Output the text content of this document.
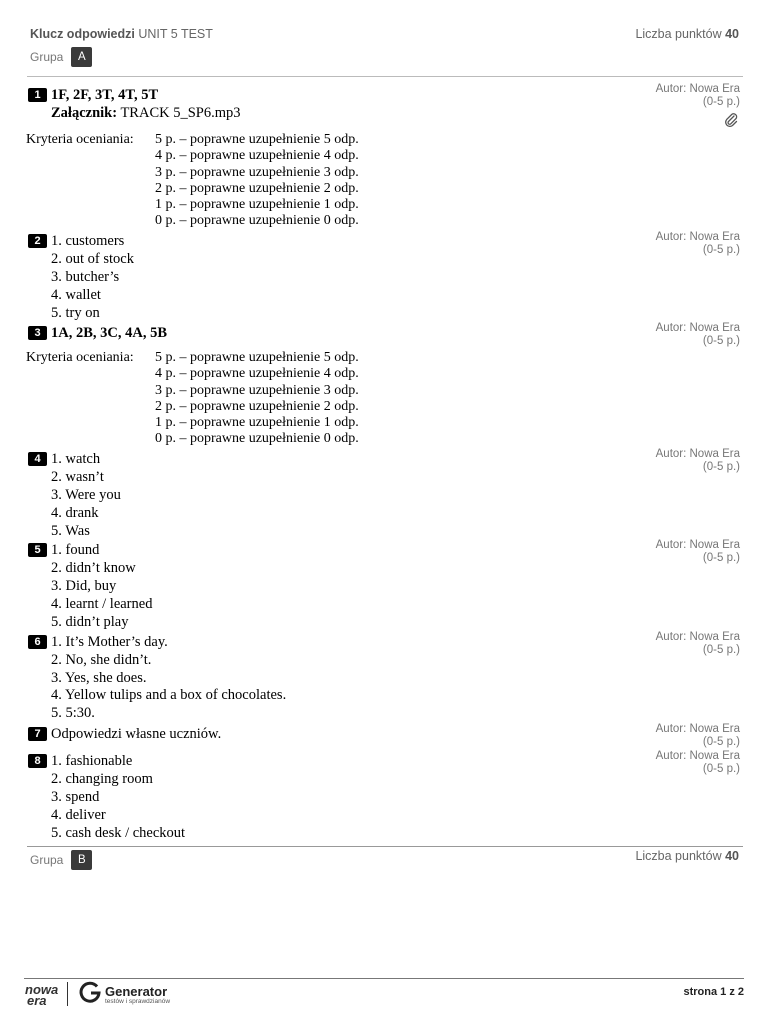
Klucz odpowiedzi UNIT 5 TEST	Liczba punktów 40
Grupa	A
1 1F, 2F, 3T, 4T, 5T
Załącznik: TRACK 5_SP6.mp3
Autor: Nowa Era
(0-5 p.)
Kryteria oceniania: 5 p. – poprawne uzupełnienie 5 odp.
4 p. – poprawne uzupełnienie 4 odp.
3 p. – poprawne uzupełnienie 3 odp.
2 p. – poprawne uzupełnienie 2 odp.
1 p. – poprawne uzupełnienie 1 odp.
0 p. – poprawne uzupełnienie 0 odp.
2 1. customers
2. out of stock
3. butcher’s
4. wallet
5. try on
Autor: Nowa Era
(0-5 p.)
3 1A, 2B, 3C, 4A, 5B	Autor: Nowa Era
(0-5 p.)
Kryteria oceniania: 5 p. – poprawne uzupełnienie 5 odp.
4 p. – poprawne uzupełnienie 4 odp.
3 p. – poprawne uzupełnienie 3 odp.
2 p. – poprawne uzupełnienie 2 odp.
1 p. – poprawne uzupełnienie 1 odp.
0 p. – poprawne uzupełnienie 0 odp.
4 1. watch
2. wasn’t
3. Were you
4. drank
5. Was
Autor: Nowa Era
(0-5 p.)
5 1. found
2. didn’t know
3. Did, buy
4. learnt / learned
5. didn’t play
Autor: Nowa Era
(0-5 p.)
6 1. It’s Mother’s day.
2. No, she didn’t.
3. Yes, she does.
4. Yellow tulips and a box of chocolates.
5. 5:30.
Autor: Nowa Era
(0-5 p.)
7 Odpowiedzi własne uczniów.	Autor: Nowa Era
(0-5 p.)
8 1. fashionable
2. changing room
3. spend
4. deliver
5. cash desk / checkout
Autor: Nowa Era
(0-5 p.)
Grupa	B	Liczba punktów 40
nowa
era
Generator
testów i sprawdzianów
strona 1 z 2
